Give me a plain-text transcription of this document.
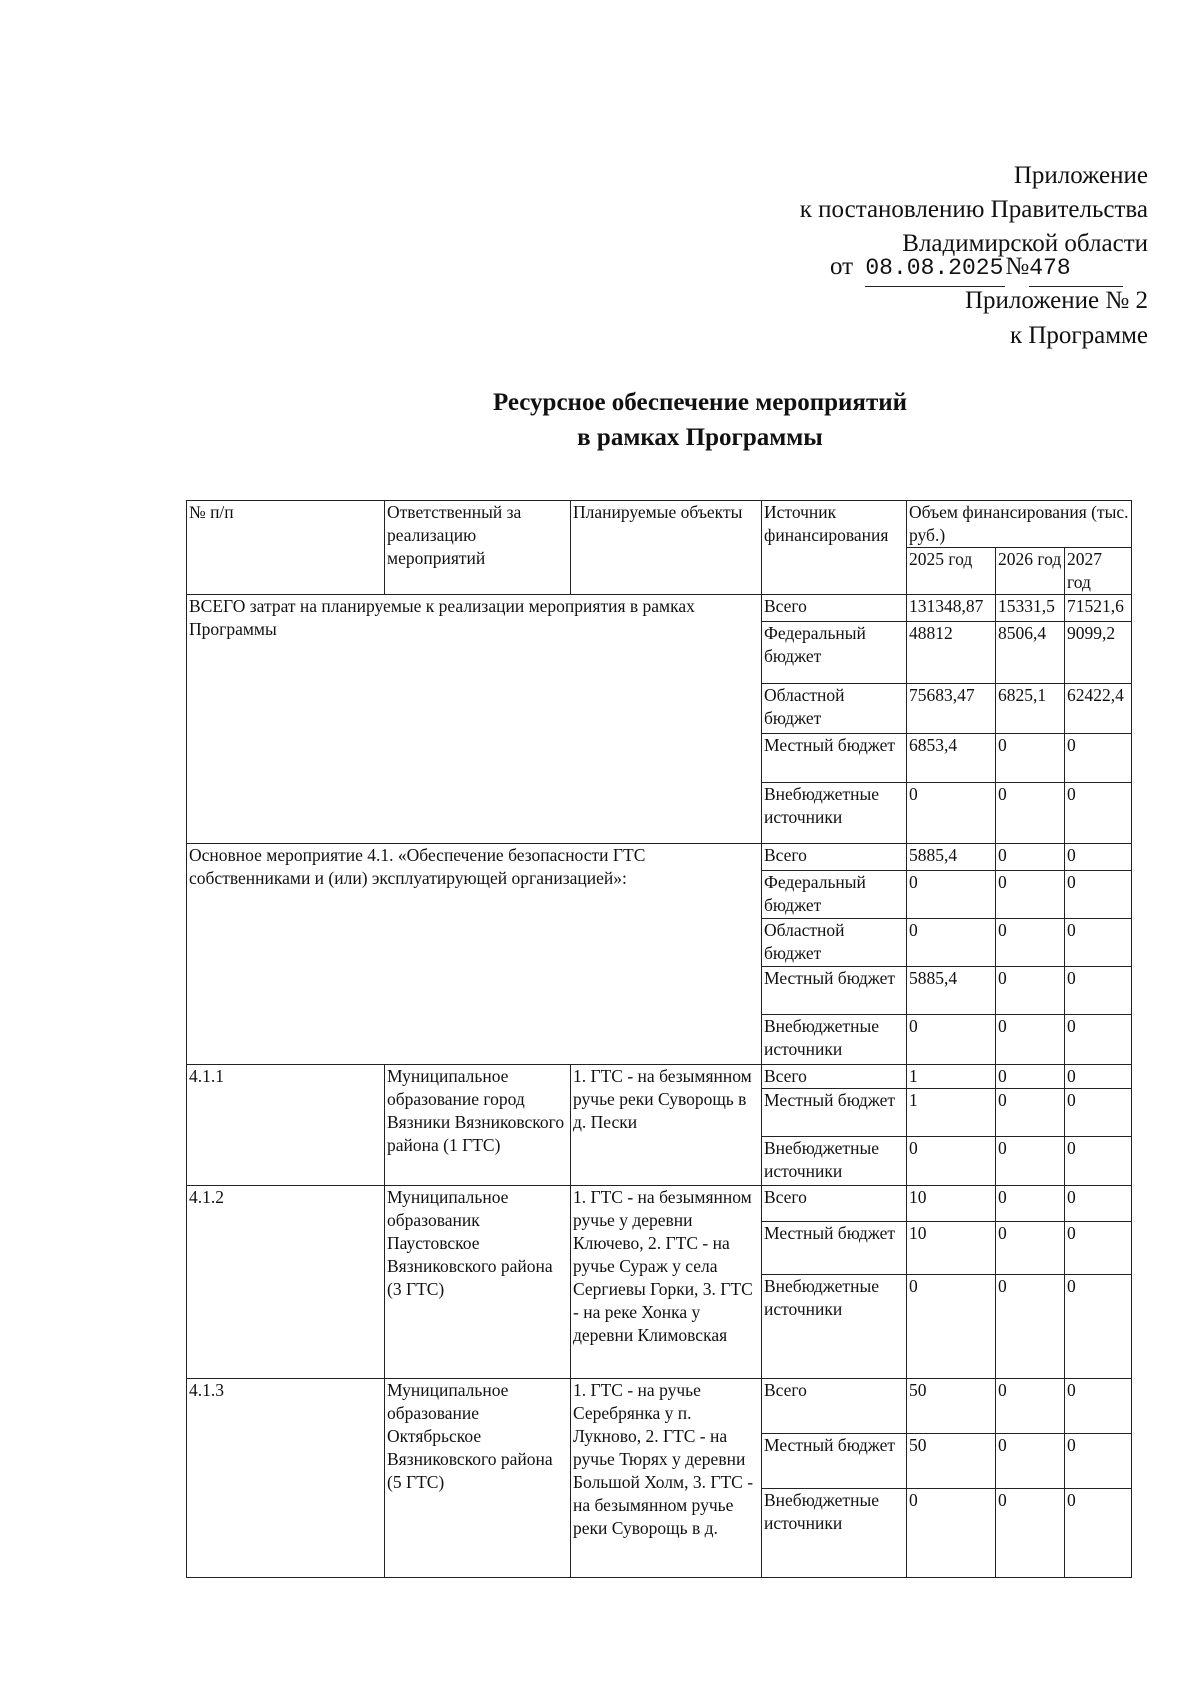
Приложение
к постановлению Правительства
Владимирской области
от 08.08.2025№478
Приложение № 2
к Программе
Ресурсное обеспечение мероприятий
в рамках Программы
№ п/п	Ответственный за реализацию мероприятий	Планируемые объекты	Источник финансирования	Объем финансирования (тыс. руб.)		
				2025 год	2026 год	2027 год
ВСЕГО затрат на планируемые к реализации мероприятия в рамках Программы			Всего	131348,87	15331,5	71521,6
			Федеральный бюджет	48812	8506,4	9099,2
			Областной бюджет	75683,47	6825,1	62422,4
			Местный бюджет	6853,4	0	0
			Внебюджетные источники	0	0	0
Основное мероприятие 4.1. «Обеспечение безопасности ГТС собственниками и (или) эксплуатирующей организацией»:			Всего	5885,4	0	0
			Федеральный бюджет	0	0	0
			Областной бюджет	0	0	0
			Местный бюджет	5885,4	0	0
			Внебюджетные источники	0	0	0
4.1.1	Муниципальное образование город Вязники Вязниковского района (1 ГТС)	1. ГТС - на безымянном ручье реки Суворощь в д. Пески	Всего	1	0	0
			Местный бюджет	1	0	0
			Внебюджетные источники	0	0	0
4.1.2	Муниципальное образованик Паустовское Вязниковского района (3 ГТС)	1. ГТС - на безымянном ручье у деревни Ключево, 2. ГТС - на ручье Сураж у села Сергиевы Горки, 3. ГТС - на реке Хонка у деревни Климовская	Всего	10	0	0
			Местный бюджет	10	0	0
			Внебюджетные источники	0	0	0
4.1.3	Муниципальное образование Октябрьское Вязниковского района (5 ГТС)	1. ГТС - на ручье Серебрянка у п. Лукново, 2. ГТС - на ручье Тюрях у деревни Большой Холм, 3. ГТС - на безымянном ручье реки Суворощь в д.	Всего	50	0	0
			Местный бюджет	50	0	0
			Внебюджетные источники	0	0	0
